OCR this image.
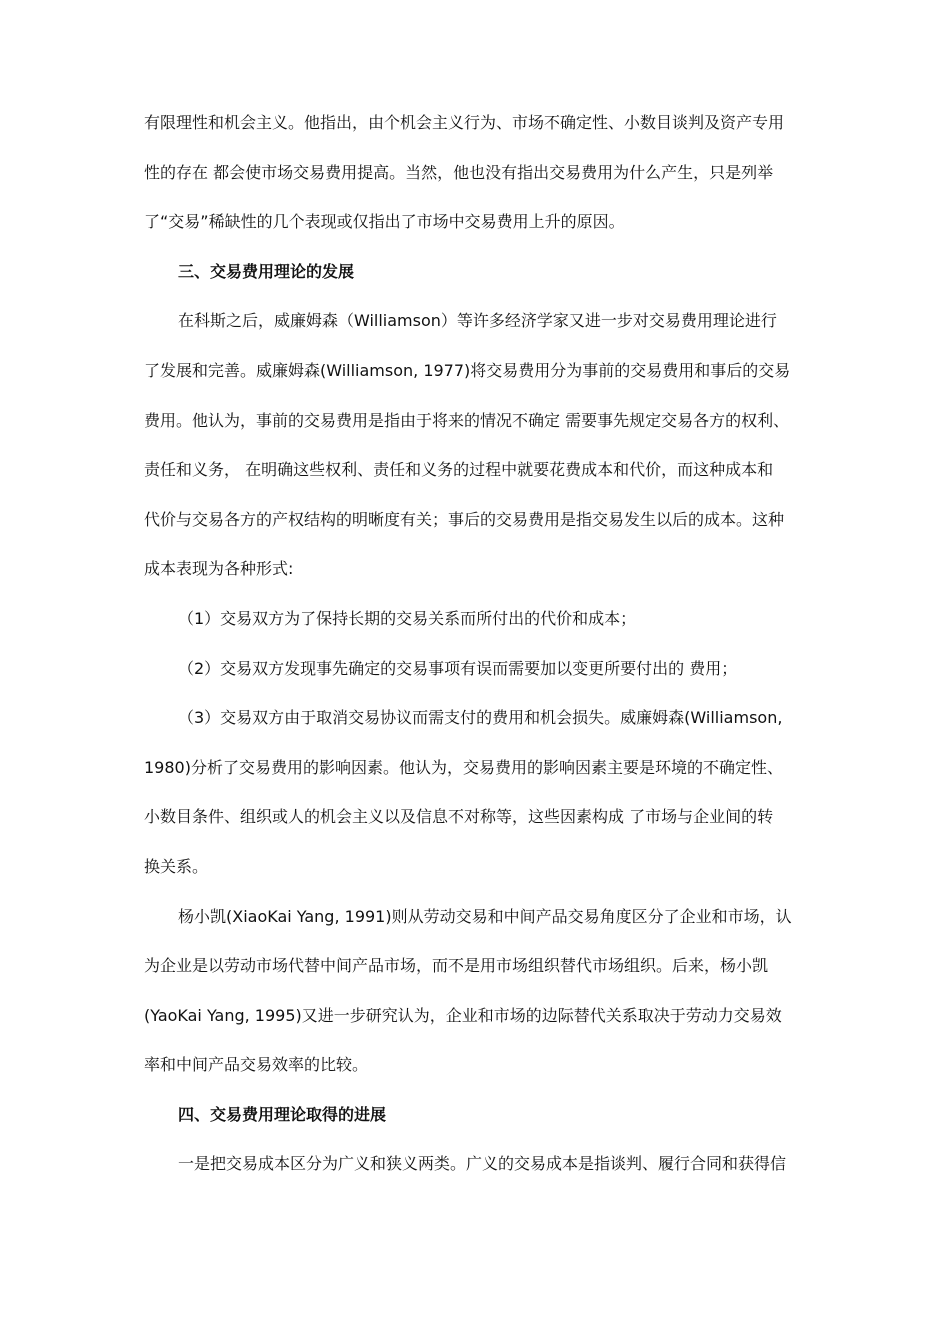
有限理性和机会主义。他指出，由个机会主义行为、市场不确定性、小数目谈判及资产专用
性的存在 都会使市场交易费用提高。当然，他也没有指出交易费用为什么产生，只是列举
了“交易”稀缺性的几个表现或仅指出了市场中交易费用上升的原因。
三、交易费用理论的发展
在科斯之后，威廉姆森（Williamson）等许多经济学家又进一步对交易费用理论进行
了发展和完善。威廉姆森(Williamson, 1977)将交易费用分为事前的交易费用和事后的交易
费用。他认为，事前的交易费用是指由于将来的情况不确定 需要事先规定交易各方的权利、
责任和义务， 在明确这些权利、责任和义务的过程中就要花费成本和代价，而这种成本和
代价与交易各方的产权结构的明晰度有关；事后的交易费用是指交易发生以后的成本。这种
成本表现为各种形式:
（1）交易双方为了保持长期的交易关系而所付出的代价和成本；
（2）交易双方发现事先确定的交易事项有误而需要加以变更所要付出的 费用；
（3）交易双方由于取消交易协议而需支付的费用和机会损失。威廉姆森(Williamson,
1980)分析了交易费用的影响因素。他认为，交易费用的影响因素主要是环境的不确定性、
小数目条件、组织或人的机会主义以及信息不对称等，这些因素构成 了市场与企业间的转
换关系。
杨小凯(XiaoKai Yang, 1991)则从劳动交易和中间产品交易角度区分了企业和市场，认
为企业是以劳动市场代替中间产品市场，而不是用市场组织替代市场组织。后来，杨小凯
(YaoKai Yang, 1995)又进一步研究认为，企业和市场的边际替代关系取决于劳动力交易效
率和中间产品交易效率的比较。
四、交易费用理论取得的进展
一是把交易成本区分为广义和狭义两类。广义的交易成本是指谈判、履行合同和获得信
